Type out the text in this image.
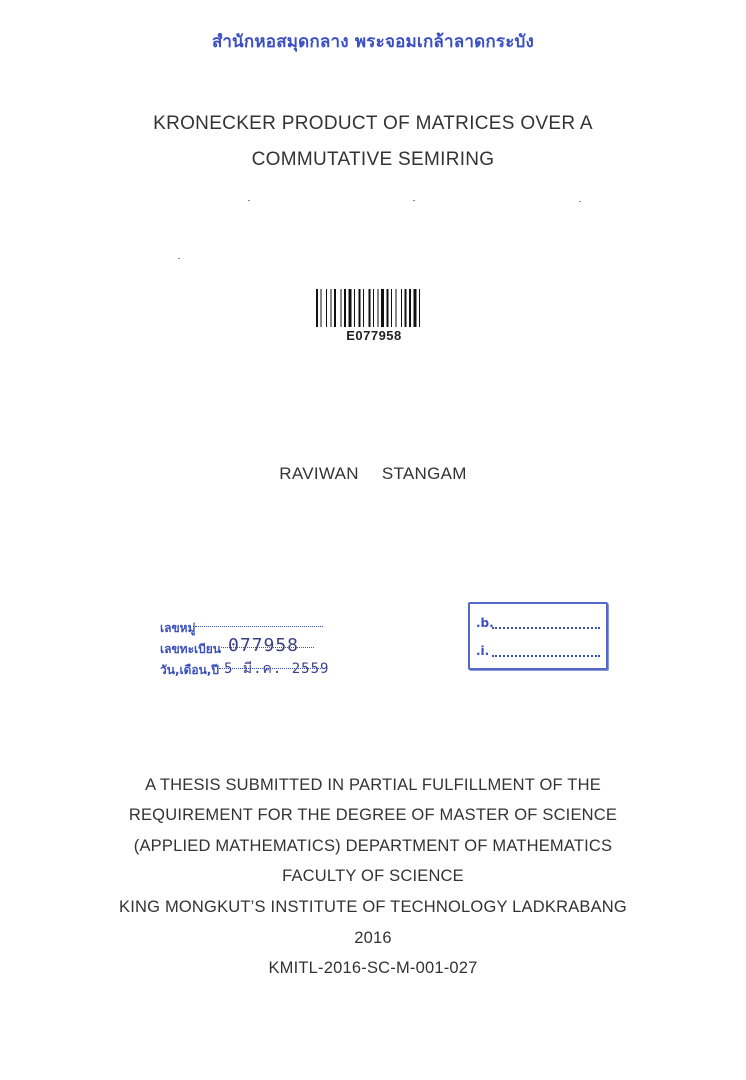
สำนักหอสมุดกลาง พระจอมเกล้าลาดกระบัง
KRONECKER PRODUCT OF MATRICES OVER A
COMMUTATIVE SEMIRING
E077958
RAVIWAN STANGAM
เลขหมู่
เลขทะเบียน 077958
วัน,เดือน,ปี 5 มี.ค. 2559
.b.
.i.
A THESIS SUBMITTED IN PARTIAL FULFILLMENT OF THE
REQUIREMENT FOR THE DEGREE OF MASTER OF SCIENCE
(APPLIED MATHEMATICS) DEPARTMENT OF MATHEMATICS
FACULTY OF SCIENCE
KING MONGKUT’S INSTITUTE OF TECHNOLOGY LADKRABANG
2016
KMITL-2016-SC-M-001-027
